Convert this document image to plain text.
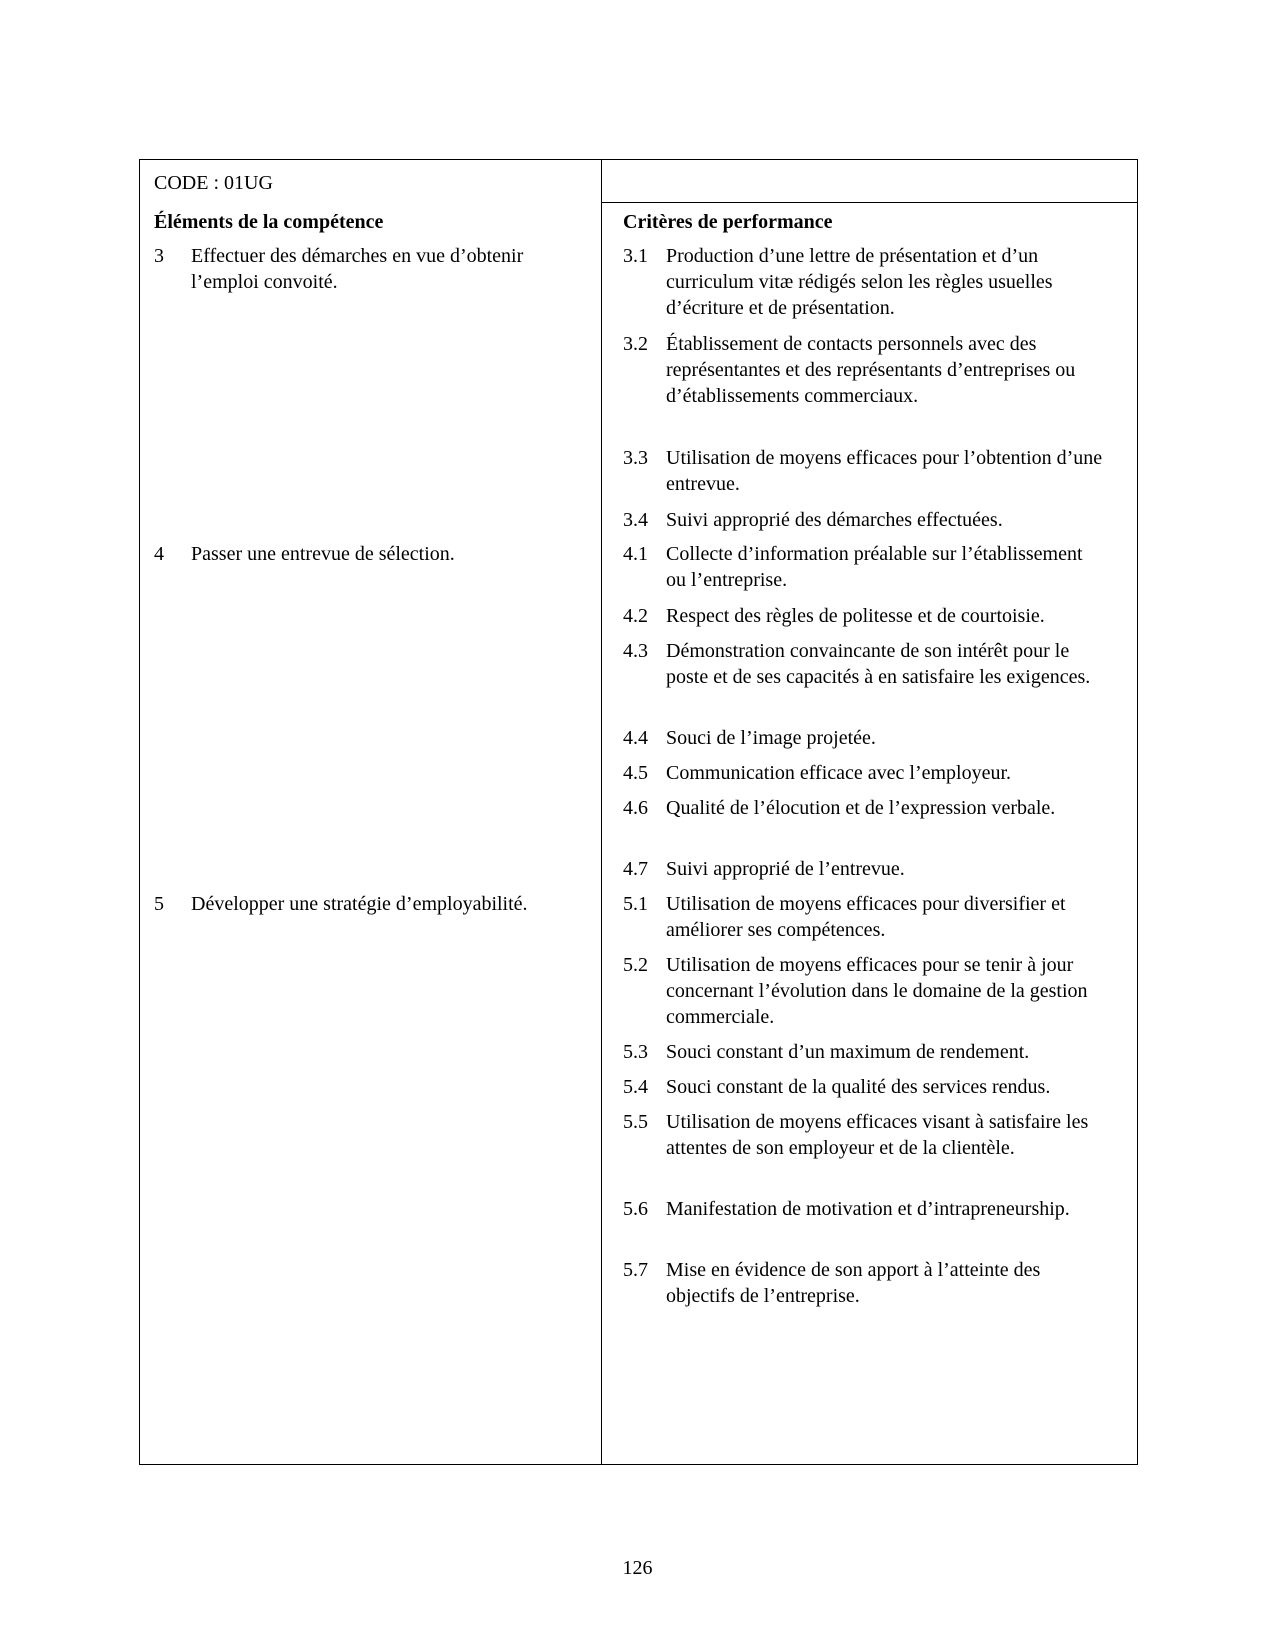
CODE : 01UG
Éléments de la compétence	Critères de performance
3 Effectuer des démarches en vue d’obtenir l’emploi convoité.
4 Passer une entrevue de sélection.
5 Développer une stratégie d’employabilité.
3.1 Production d’une lettre de présentation et d’un curriculum vitæ rédigés selon les règles usuelles d’écriture et de présentation.
3.2 Établissement de contacts personnels avec des représentantes et des représentants d’entreprises ou d’établissements commerciaux.
3.3 Utilisation de moyens efficaces pour l’obtention d’une entrevue.
3.4 Suivi approprié des démarches effectuées.
4.1 Collecte d’information préalable sur l’établissement ou l’entreprise.
4.2 Respect des règles de politesse et de courtoisie.
4.3 Démonstration convaincante de son intérêt pour le poste et de ses capacités à en satisfaire les exigences.
4.4 Souci de l’image projetée.
4.5 Communication efficace avec l’employeur.
4.6 Qualité de l’élocution et de l’expression verbale.
4.7 Suivi approprié de l’entrevue.
5.1 Utilisation de moyens efficaces pour diversifier et améliorer ses compétences.
5.2 Utilisation de moyens efficaces pour se tenir à jour concernant l’évolution dans le domaine de la gestion commerciale.
5.3 Souci constant d’un maximum de rendement.
5.4 Souci constant de la qualité des services rendus.
5.5 Utilisation de moyens efficaces visant à satisfaire les attentes de son employeur et de la clientèle.
5.6 Manifestation de motivation et d’intrapreneurship.
5.7 Mise en évidence de son apport à l’atteinte des objectifs de l’entreprise.
126
